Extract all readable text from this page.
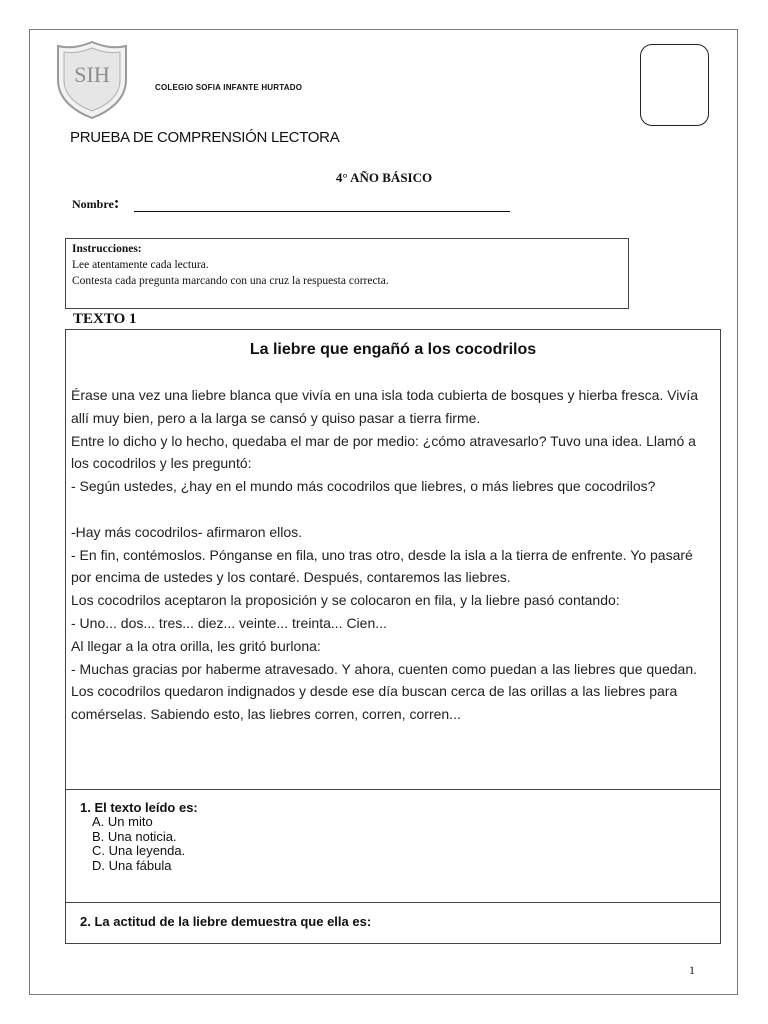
SIH
COLEGIO SOFIA INFANTE HURTADO
PRUEBA DE COMPRENSIÓN LECTORA
4° AÑO BÁSICO
Nombre:
Instrucciones:
Lee atentamente cada lectura.
Contesta cada pregunta marcando con una cruz la respuesta correcta.
TEXTO 1
La liebre que engañó a los cocodrilos

Érase una vez una liebre blanca que vivía en una isla toda cubierta de bosques y hierba fresca. Vivía allí muy bien, pero a la larga se cansó y quiso pasar a tierra firme.

Entre lo dicho y lo hecho, quedaba el mar de por medio: ¿cómo atravesarlo? Tuvo una idea. Llamó a los cocodrilos y les preguntó:

- Según ustedes, ¿hay en el mundo más cocodrilos que liebres, o más liebres que cocodrilos?

-Hay más cocodrilos- afirmaron ellos.

- En fin, contémoslos. Pónganse en fila, uno tras otro, desde la isla a la tierra de enfrente. Yo pasaré por encima de ustedes y los contaré. Después, contaremos las liebres.

Los cocodrilos aceptaron la proposición y se colocaron en fila, y la liebre pasó contando:

- Uno... dos... tres... diez... veinte... treinta... Cien...

Al llegar a la otra orilla, les gritó burlona:

- Muchas gracias por haberme atravesado. Y ahora, cuenten como puedan a las liebres que quedan.

Los cocodrilos quedaron indignados y desde ese día buscan cerca de las orillas a las liebres para comérselas. Sabiendo esto, las liebres corren, corren, corren...

1. El texto leído es:
A. Un mito
B. Una noticia.
C. Una leyenda.
D. Una fábula
2. La actitud de la liebre demuestra que ella es:
1
